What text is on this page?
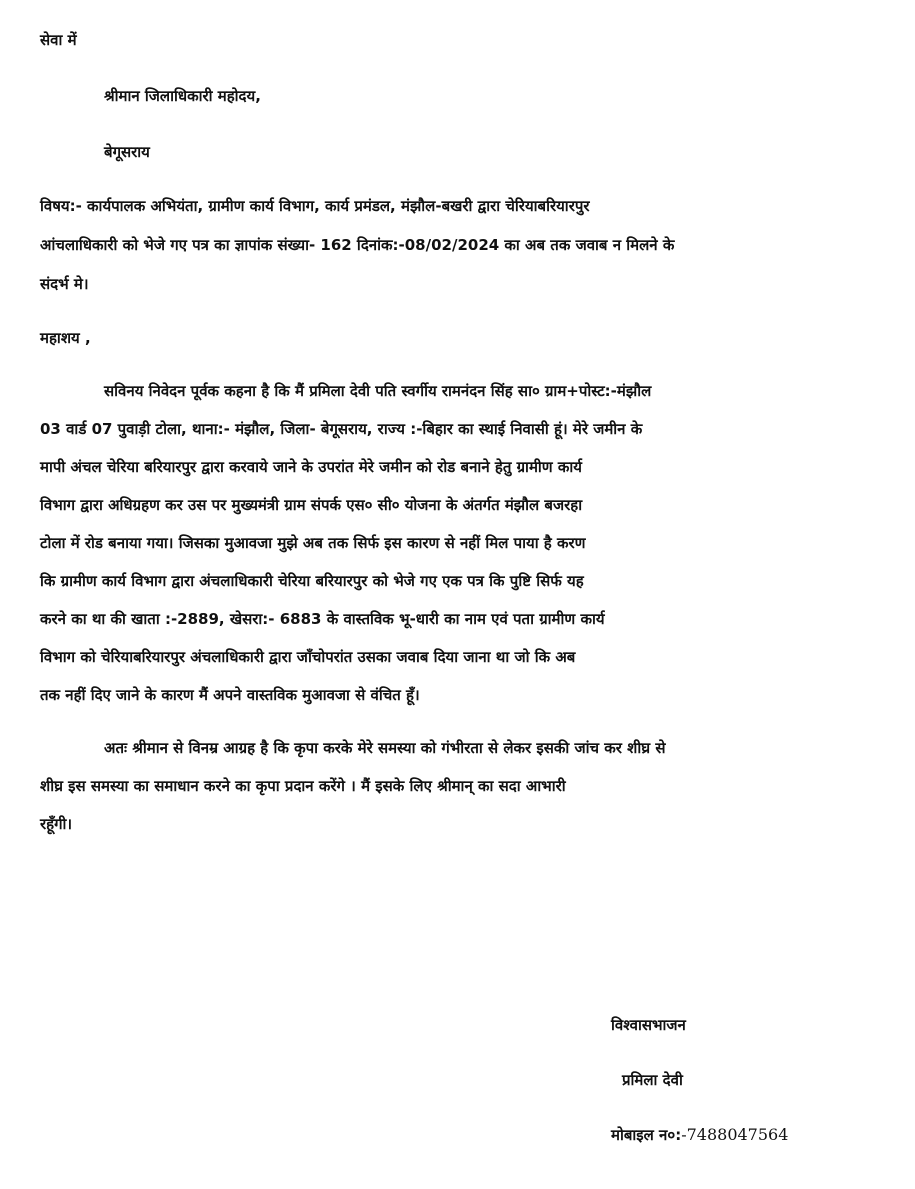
सेवा में
श्रीमान जिलाधिकारी महोदय,
बेगूसराय
विषय:- कार्यपालक अभियंता, ग्रामीण कार्य विभाग, कार्य प्रमंडल, मंझौल-बखरी द्वारा चेरियाबरियारपुर
आंचलाधिकारी को भेजे गए पत्र का ज्ञापांक संख्या- 162 दिनांक:-08/02/2024 का अब तक जवाब न मिलने के
संदर्भ मे।
महाशय ,
सविनय निवेदन पूर्वक कहना है कि मैं प्रमिला देवी पति स्वर्गीय रामनंदन सिंह सा० ग्राम+पोस्ट:-मंझौल
03 वार्ड 07 पुवाड़ी टोला, थाना:- मंझौल, जिला- बेगूसराय, राज्य :-बिहार का स्थाई निवासी हूं। मेरे जमीन के
मापी अंचल चेरिया बरियारपुर द्वारा करवाये जाने के उपरांत मेरे जमीन को रोड बनाने हेतु ग्रामीण कार्य
विभाग द्वारा अधिग्रहण कर उस पर मुख्यमंत्री ग्राम संपर्क एस० सी० योजना के अंतर्गत मंझौल बजरहा
टोला में रोड बनाया गया। जिसका मुआवजा मुझे अब तक सिर्फ इस कारण से नहीं मिल पाया है करण
कि ग्रामीण कार्य विभाग द्वारा अंचलाधिकारी चेरिया बरियारपुर को भेजे गए एक पत्र कि पुष्टि सिर्फ यह
करने का था की खाता :-2889, खेसरा:- 6883 के वास्तविक भू-धारी का नाम एवं पता ग्रामीण कार्य
विभाग को चेरियाबरियारपुर अंचलाधिकारी द्वारा जाँचोपरांत उसका जवाब दिया जाना था जो कि अब
तक नहीं दिए जाने के कारण मैं अपने वास्तविक मुआवजा से वंचित हूँ।
अतः श्रीमान से विनम्र आग्रह है कि कृपा करके मेरे समस्या को गंभीरता से लेकर इसकी जांच कर शीघ्र से
शीघ्र इस समस्या का समाधान करने का कृपा प्रदान करेंगे । मैं इसके लिए श्रीमान् का सदा आभारी
रहूँगी।
विश्वासभाजन
प्रमिला देवी
मोबाइल न०:-7488047564
